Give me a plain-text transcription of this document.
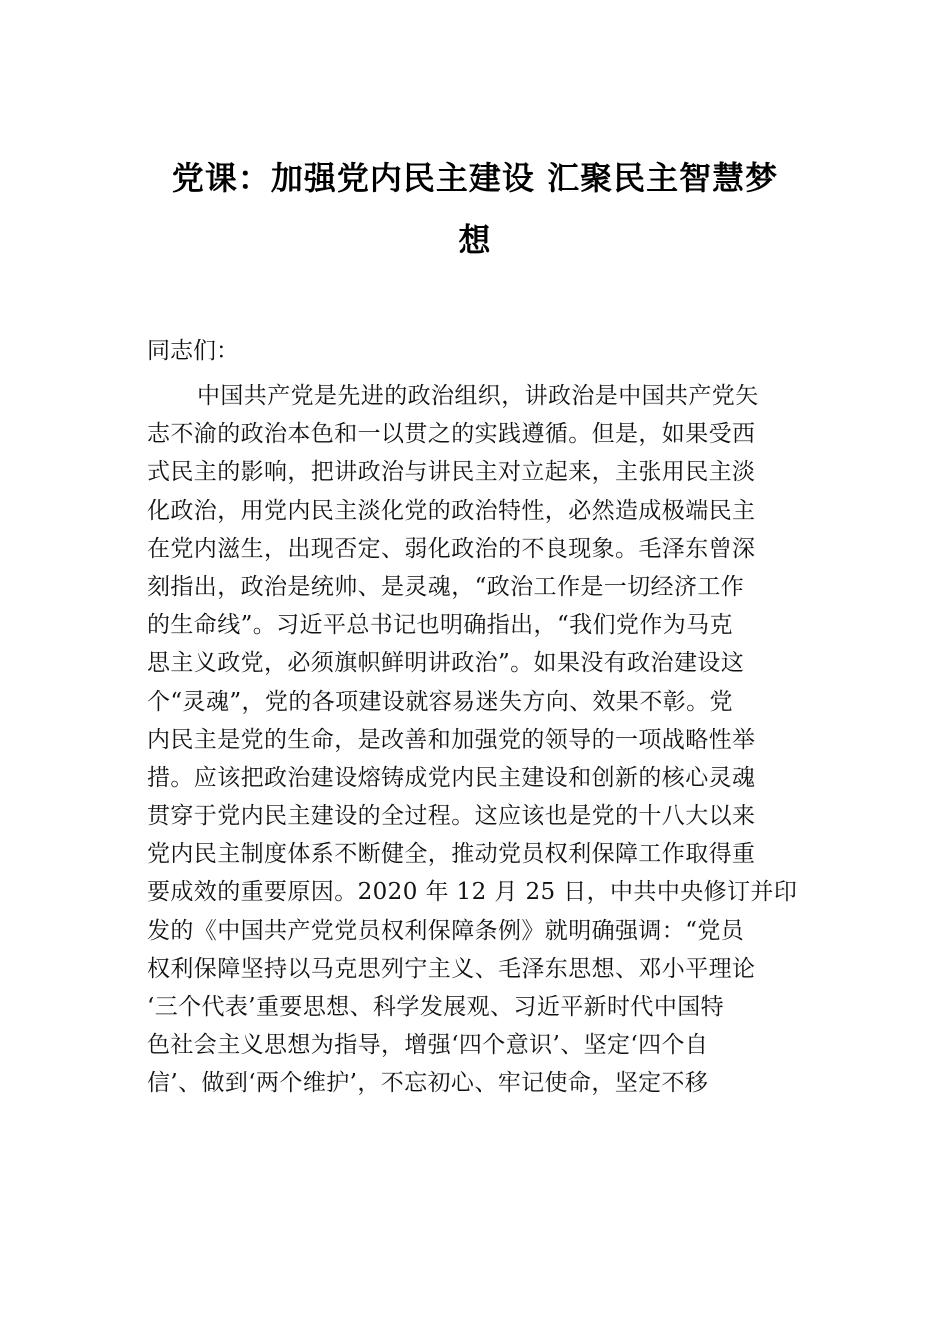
党课：加强党内民主建设 汇聚民主智慧梦
想
同志们：
中国共产党是先进的政治组织，讲政治是中国共产党矢
志不渝的政治本色和一以贯之的实践遵循。但是，如果受西
式民主的影响，把讲政治与讲民主对立起来，主张用民主淡
化政治，用党内民主淡化党的政治特性，必然造成极端民主
在党内滋生，出现否定、弱化政治的不良现象。毛泽东曾深
刻指出，政治是统帅、是灵魂，“政治工作是一切经济工作
的生命线”。习近平总书记也明确指出，“我们党作为马克
思主义政党，必须旗帜鲜明讲政治”。如果没有政治建设这
个“灵魂”，党的各项建设就容易迷失方向、效果不彰。党
内民主是党的生命，是改善和加强党的领导的一项战略性举
措。应该把政治建设熔铸成党内民主建设和创新的核心灵魂
贯穿于党内民主建设的全过程。这应该也是党的十八大以来
党内民主制度体系不断健全，推动党员权利保障工作取得重
要成效的重要原因。2020 年 12 月 25 日，中共中央修订并印
发的《中国共产党党员权利保障条例》就明确强调：“党员
权利保障坚持以马克思列宁主义、毛泽东思想、邓小平理论
‘三个代表’重要思想、科学发展观、习近平新时代中国特
色社会主义思想为指导，增强‘四个意识’、坚定‘四个自
信’、做到‘两个维护’，不忘初心、牢记使命，坚定不移
